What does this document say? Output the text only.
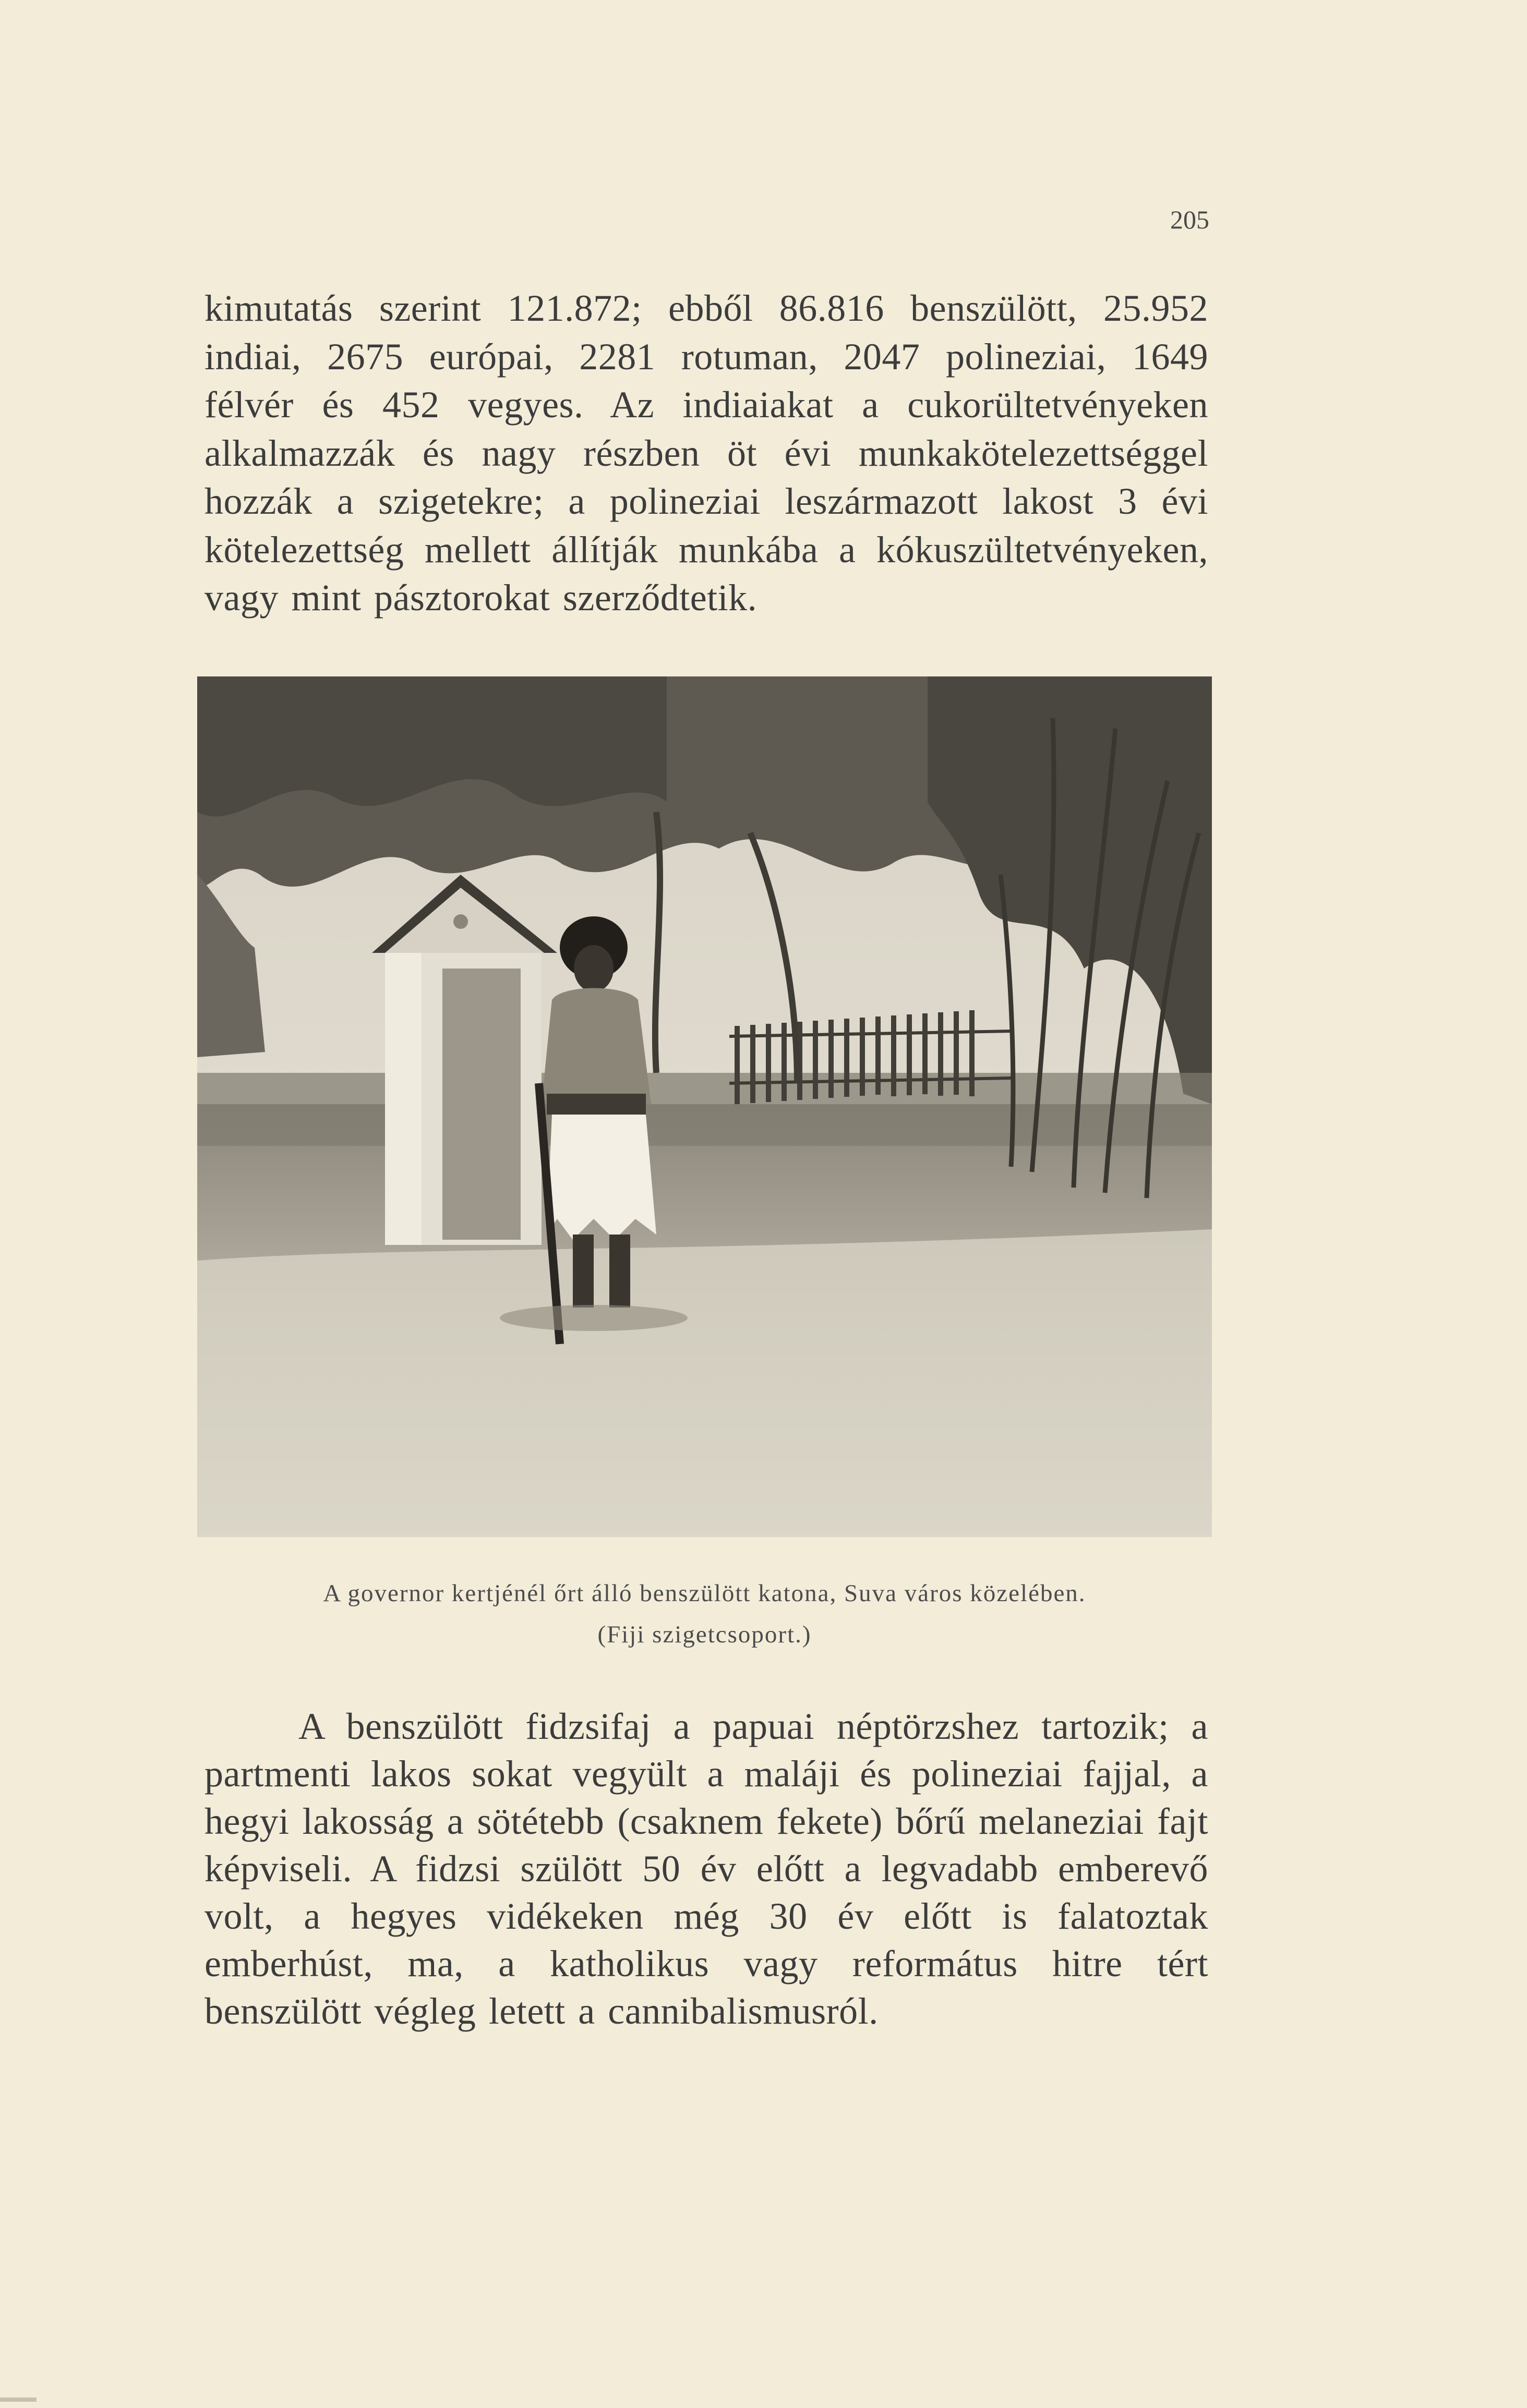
205
kimutatás szerint 121.872; ebből 86.816 benszülött, 25.952 indiai, 2675 európai, 2281 rotuman, 2047 polineziai, 1649 félvér és 452 vegyes. Az indiaiakat a cukorültetvényeken alkalmazzák és nagy részben öt évi munkakötelezettséggel hozzák a szigetekre; a polineziai leszármazott lakost 3 évi kötelezettség mellett állítják munkába a kókuszültetvényeken, vagy mint pásztorokat szerződtetik.
A governor kertjénél őrt álló benszülött katona, Suva város közelében.
(Fiji szigetcsoport.)
A benszülött fidzsifaj a papuai néptörzshez tartozik; a partmenti lakos sokat vegyült a maláji és polineziai fajjal, a hegyi lakosság a sötétebb (csaknem fekete) bőrű melaneziai fajt képviseli. A fidzsi szülött 50 év előtt a legvadabb emberevő volt, a hegyes vidékeken még 30 év előtt is falatoztak emberhúst, ma, a katholikus vagy református hitre tért benszülött végleg letett a cannibalismusról.
